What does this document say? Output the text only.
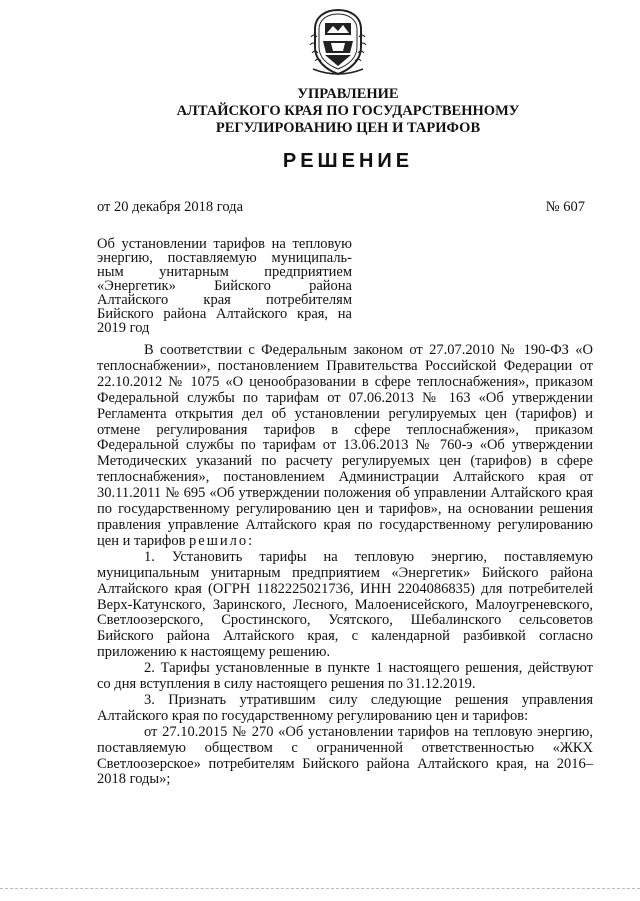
УПРАВЛЕНИЕ
АЛТАЙСКОГО КРАЯ ПО ГОСУДАРСТВЕННОМУ
РЕГУЛИРОВАНИЮ ЦЕН И ТАРИФОВ
РЕШЕНИЕ
от 20 декабря 2018 года	№ 607
Об установлении тарифов на тепловую
энергию, поставляемую муниципаль-
ным унитарным предприятием
«Энергетик» Бийского района
Алтайского края потребителям
Бийского района Алтайского края, на
2019 год

В соответствии с Федеральным законом от 27.07.2010 № 190-ФЗ «О теплоснабжении», постановлением Правительства Российской Федерации от 22.10.2012 № 1075 «О ценообразовании в сфере теплоснабжения», приказом Федеральной службы по тарифам от 07.06.2013 № 163 «Об утверждении Регламента открытия дел об установлении регулируемых цен (тарифов) и отмене регулирования тарифов в сфере теплоснабжения», приказом Федеральной службы по тарифам от 13.06.2013 № 760-э «Об утверждении Методических указаний по расчету регулируемых цен (тарифов) в сфере теплоснабжения», постановлением Администрации Алтайского края от 30.11.2011 № 695 «Об утверждении положения об управлении Алтайского края по государственному регулированию цен и тарифов», на основании решения правления управление Алтайского края по государственному регулированию цен и тарифов решило:

1. Установить тарифы на тепловую энергию, поставляемую муниципальным унитарным предприятием «Энергетик» Бийского района Алтайского края (ОГРН 1182225021736, ИНН 2204086835) для потребителей Верх-Катунского, Заринского, Лесного, Малоенисейского, Малоугреневского, Светлоозерского, Сростинского, Усятского, Шебалинского сельсоветов Бийского района Алтайского края, с календарной разбивкой согласно приложению к настоящему решению.

2. Тарифы установленные в пункте 1 настоящего решения, действуют со дня вступления в силу настоящего решения по 31.12.2019.

3. Признать утратившим силу следующие решения управления Алтайского края по государственному регулированию цен и тарифов:

от 27.10.2015 № 270 «Об установлении тарифов на тепловую энергию, поставляемую обществом с ограниченной ответственностью «ЖКХ Светлоозерское» потребителям Бийского района Алтайского края, на 2016–2018 годы»;
